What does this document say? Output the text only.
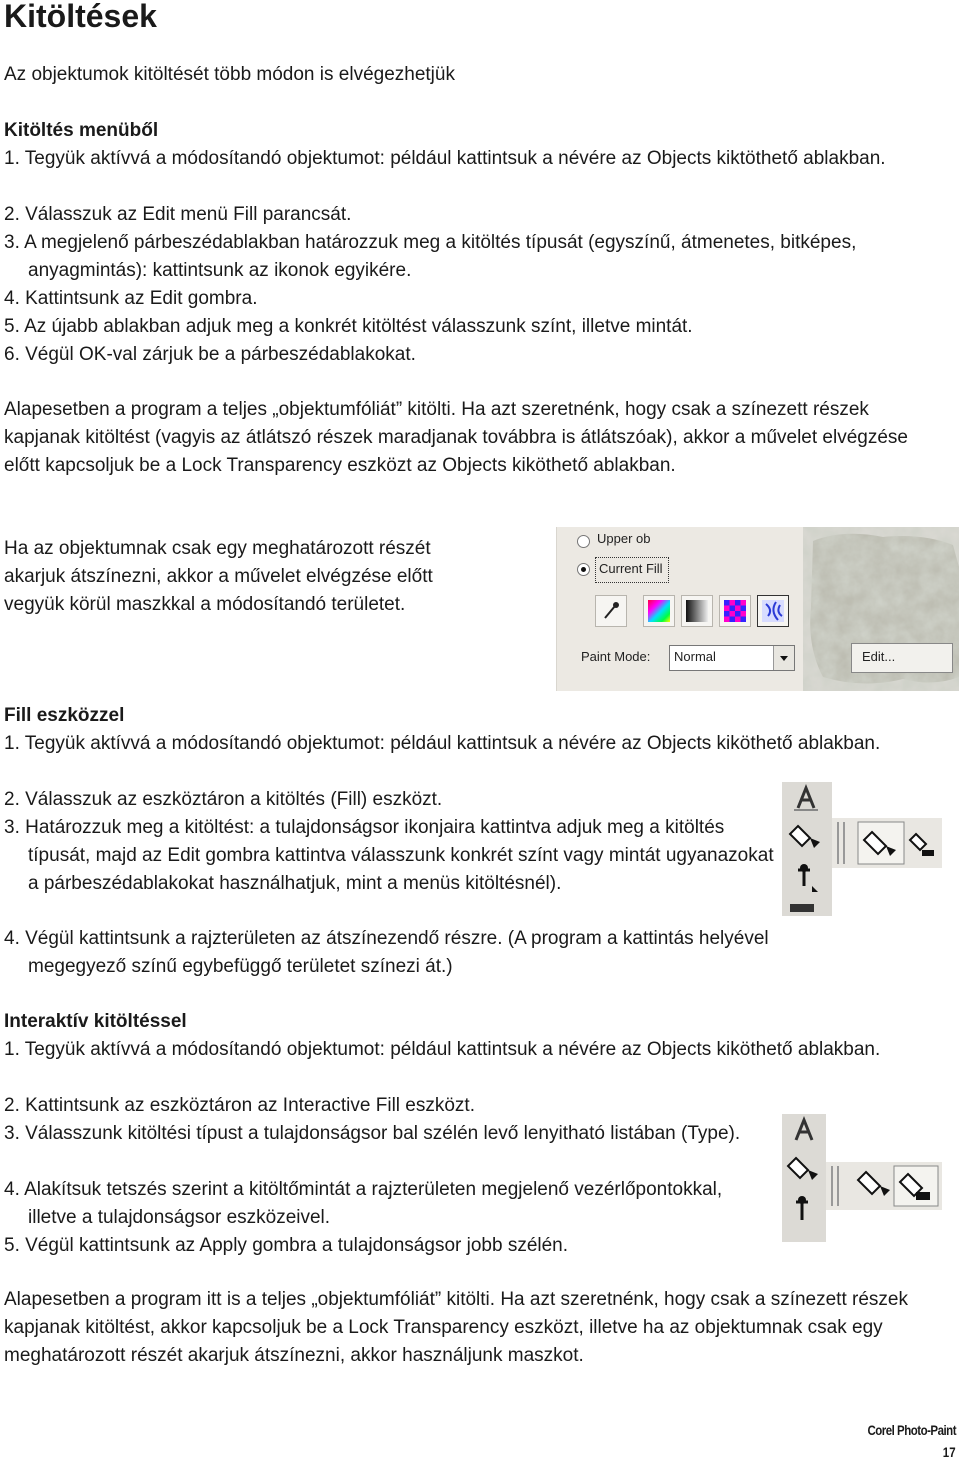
Kitöltések

Az objektumok kitöltését több módon is elvégezhetjük

Kitöltés menüből

1. Tegyük aktívvá a módosítandó objektumot: például kattintsuk a névére az Objects kiktöthető ablakban.

2. Válasszuk az Edit menü Fill parancsát.

3. A megjelenő párbeszédablakban határozzuk meg a kitöltés típusát (egyszínű, átmenetes, bitképes, anyagmintás): kattintsunk az ikonok egyikére.

4. Kattintsunk az Edit gombra.

5. Az újabb ablakban adjuk meg a konkrét kitöltést válasszunk színt, illetve mintát.

6. Végül OK-val zárjuk be a párbeszédablakokat.

Alapesetben a program a teljes „objektumfóliát” kitölti. Ha azt szeretnénk, hogy csak a színezett részek kapjanak kitöltést (vagyis az átlátszó részek maradjanak továbbra is átlátszóak), akkor a művelet elvégzése előtt kapcsoljuk be a Lock Transparency eszközt az Objects kiköthető ablakban.

Ha az objektumnak csak egy meghatározott részét akarjuk átszínezni, akkor a művelet elvégzése előtt vegyük körül maszkkal a módosítandó területet.

Upper ob
Current Fill
Paint Mode: Normal	Edit...

Fill eszközzel

1. Tegyük aktívvá a módosítandó objektumot: például kattintsuk a névére az Objects kiköthető ablakban.

2. Válasszuk az eszköztáron a kitöltés (Fill) eszközt.

3. Határozzuk meg a kitöltést: a tulajdonságsor ikonjaira kattintva adjuk meg a kitöltés típusát, majd az Edit gombra kattintva válasszunk konkrét színt vagy mintát ugyanazokat a párbeszédablakokat használhatjuk, mint a menüs kitöltésnél).

4. Végül kattintsunk a rajzterületen az átszínezendő részre. (A program a kattintás helyével megegyező színű egybefüggő területet színezi át.)

Interaktív kitöltéssel

1. Tegyük aktívvá a módosítandó objektumot: például kattintsuk a névére az Objects kiköthető ablakban.

2. Kattintsunk az eszköztáron az Interactive Fill eszközt.

3. Válasszunk kitöltési típust a tulajdonságsor bal szélén levő lenyitható listában (Type).

4. Alakítsuk tetszés szerint a kitöltőmintát a rajzterületen megjelenő vezérlőpontokkal, illetve a tulajdonságsor eszközeivel.

5. Végül kattintsunk az Apply gombra a tulajdonságsor jobb szélén.

Alapesetben a program itt is a teljes „objektumfóliát” kitölti. Ha azt szeretnénk, hogy csak a színezett részek kapjanak kitöltést, akkor kapcsoljuk be a Lock Transparency eszközt, illetve ha az objektumnak csak egy meghatározott részét akarjuk átszínezni, akkor használjunk maszkot.

Corel Photo-Paint
17
